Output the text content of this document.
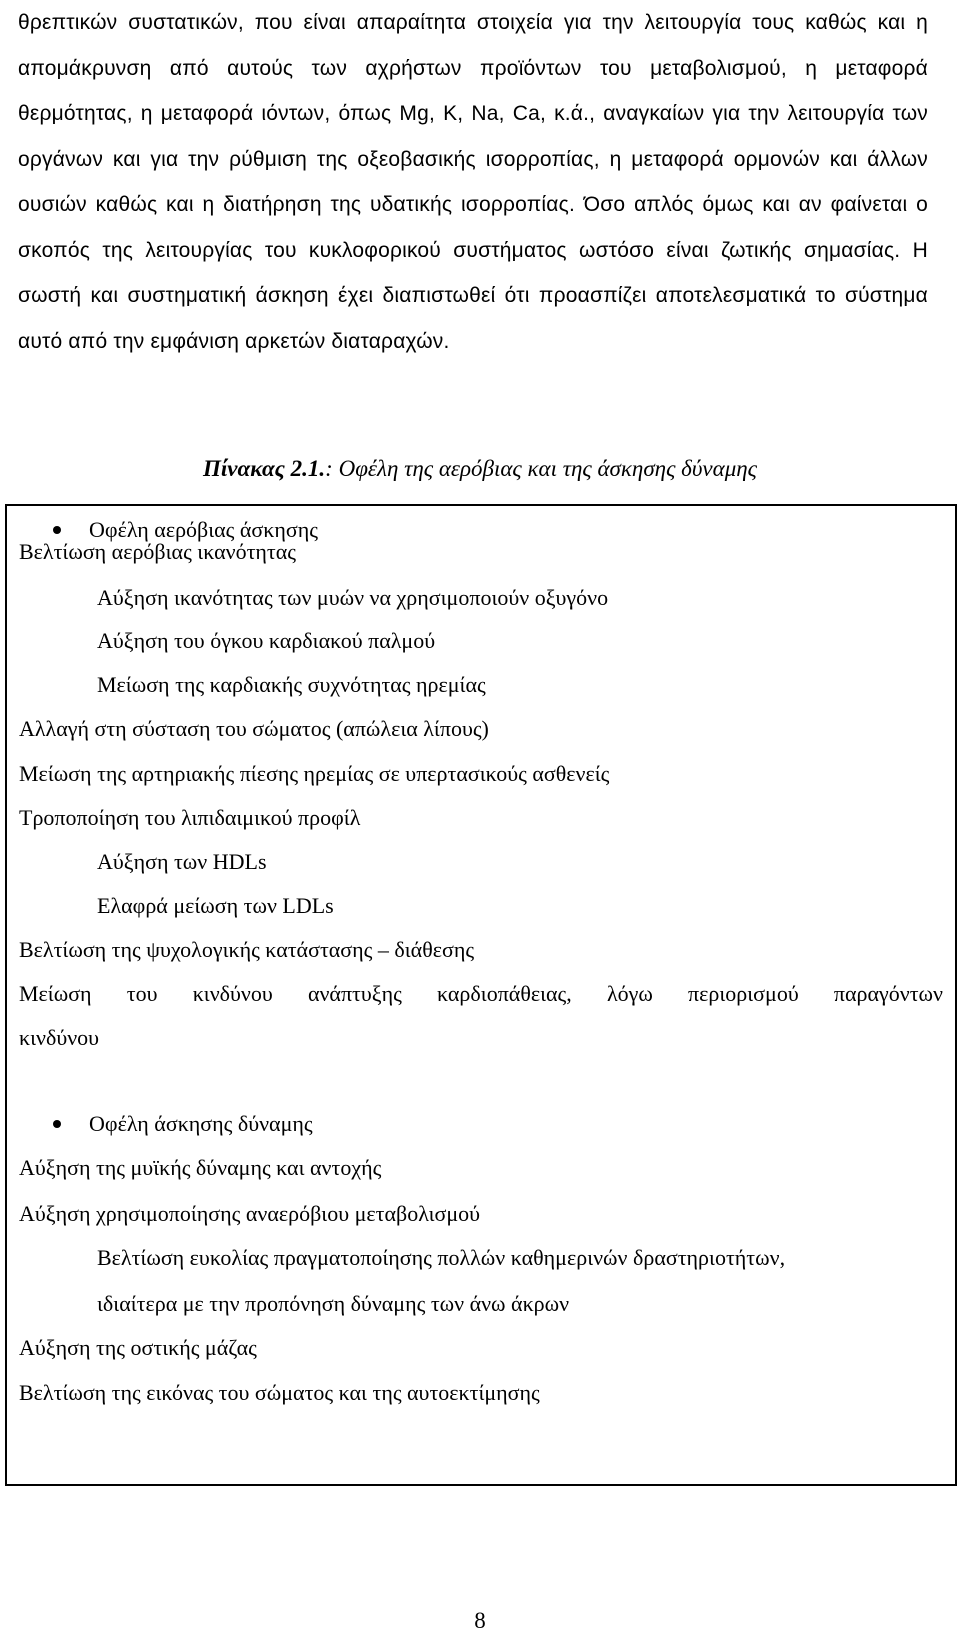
θρεπτικών συστατικών, που είναι απαραίτητα στοιχεία για την λειτουργία τους καθώς και η απομάκρυνση από αυτούς των αχρήστων προϊόντων του μεταβολισμού, η μεταφορά θερμότητας, η μεταφορά ιόντων, όπως Mg, K, Na, Ca, κ.ά., αναγκαίων για την λειτουργία των οργάνων και για την ρύθμιση της οξεοβασικής ισορροπίας, η μεταφορά ορμονών και άλλων ουσιών καθώς και η διατήρηση της υδατικής ισορροπίας. Όσο απλός όμως και αν φαίνεται ο σκοπός της λειτουργίας του κυκλοφορικού συστήματος ωστόσο είναι ζωτικής σημασίας. Η σωστή και συστηματική άσκηση έχει διαπιστωθεί ότι προασπίζει αποτελεσματικά το σύστημα αυτό από την εμφάνιση αρκετών διαταραχών.
Πίνακας 2.1.: Οφέλη της αερόβιας και της άσκησης δύναμης
Οφέλη αερόβιας άσκησης
Βελτίωση αερόβιας ικανότητας
Αύξηση ικανότητας των μυών να χρησιμοποιούν οξυγόνο
Αύξηση του όγκου καρδιακού παλμού
Μείωση της καρδιακής συχνότητας ηρεμίας
Αλλαγή στη σύσταση του σώματος (απώλεια λίπους)
Μείωση της αρτηριακής πίεσης ηρεμίας σε υπερτασικούς ασθενείς
Τροποποίηση του λιπιδαιμικού προφίλ
Αύξηση των HDLs
Ελαφρά μείωση των LDLs
Βελτίωση της ψυχολογικής κατάστασης – διάθεσης
Μείωση του κινδύνου ανάπτυξης καρδιοπάθειας, λόγω περιορισμού παραγόντων
κινδύνου
Οφέλη άσκησης δύναμης
Αύξηση της μυϊκής δύναμης και αντοχής
Αύξηση χρησιμοποίησης αναερόβιου μεταβολισμού
Βελτίωση ευκολίας πραγματοποίησης πολλών καθημερινών δραστηριοτήτων,
ιδιαίτερα με την προπόνηση δύναμης των άνω άκρων
Αύξηση της οστικής μάζας
Βελτίωση της εικόνας του σώματος και της αυτοεκτίμησης
8
